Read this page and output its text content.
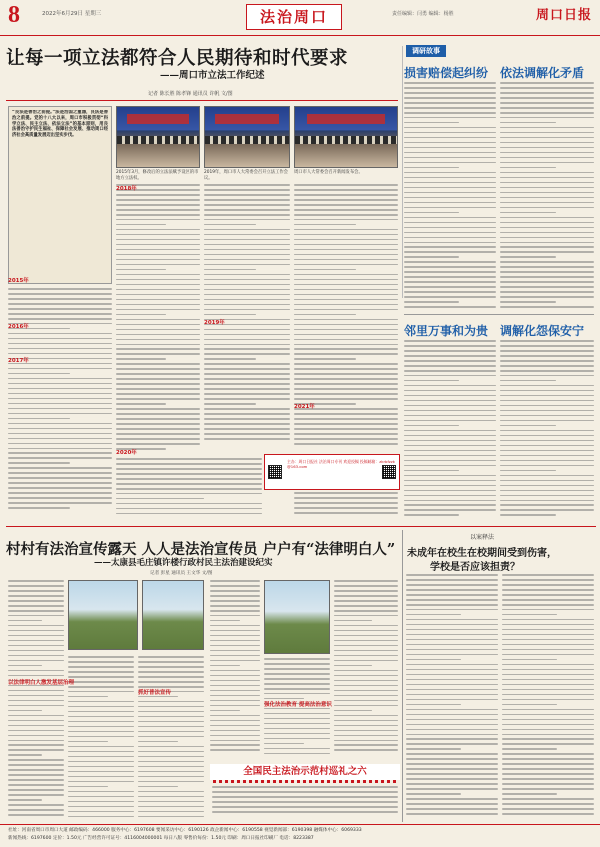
8	2022年6月29日 星期三	法治周口	责任编辑：闫勇 编辑：杨胜	周口日报
让每一项立法都符合人民期待和时代要求
——周口市立法工作纪述
记者 陈长胜 陈孝锋 通讯员 许帆 文/图
“良法是善治之前提。”法是治国之重器，良法是善治之前提。党的十八大以来，周口市积极贯彻“科学立法、民主立法、依法立法”的基本原则，用良法善治守护民生福祉、保障社会发展、推动周口经济社会高质量发展迈出坚实步伐。
2015年3月，修改后的立法法赋予设区的市地方立法权。
2019年，周口市人大常委会召开立法工作会议。
周口市人大常委会召开新闻发布会。
2015年
2016年
2017年
2018年
2019年
2020年
2021年
主办：周口日报社 法治周口专刊 欢迎投稿 投稿邮箱：zkrbfzzk@163.com
调研故事
损害赔偿起纠纷 依法调解化矛盾
邻里万事和为贵 调解化怨保安宁
村村有法治宣传露天 人人是法治宣传员 户户有“法律明白人”
——太康县毛庄镇许楼行政村民主法治建设纪实
记者 彭星 通讯员 王文华 文/图
以法律明白人激发基层治理
抓好普法宣传
强化法治教育 提高法治意识
全国民主法治示范村巡礼之六
以案释法
未成年在校生在校期间受到伤害，
学校是否应该担责？
社址：河南省周口市周口大道 邮政编码：466000 服务中心：6197608 要闻采访中心：6190126 政企新闻中心：6190558 视觉新闻部：6190398 融媒体中心：6069333
新闻热线：6197600 定价：1.50元 广告经营许可证号：4116004000001 每日八版 零售价每份：1.50元 印刷：周口日报社印刷厂 电话：8223387
